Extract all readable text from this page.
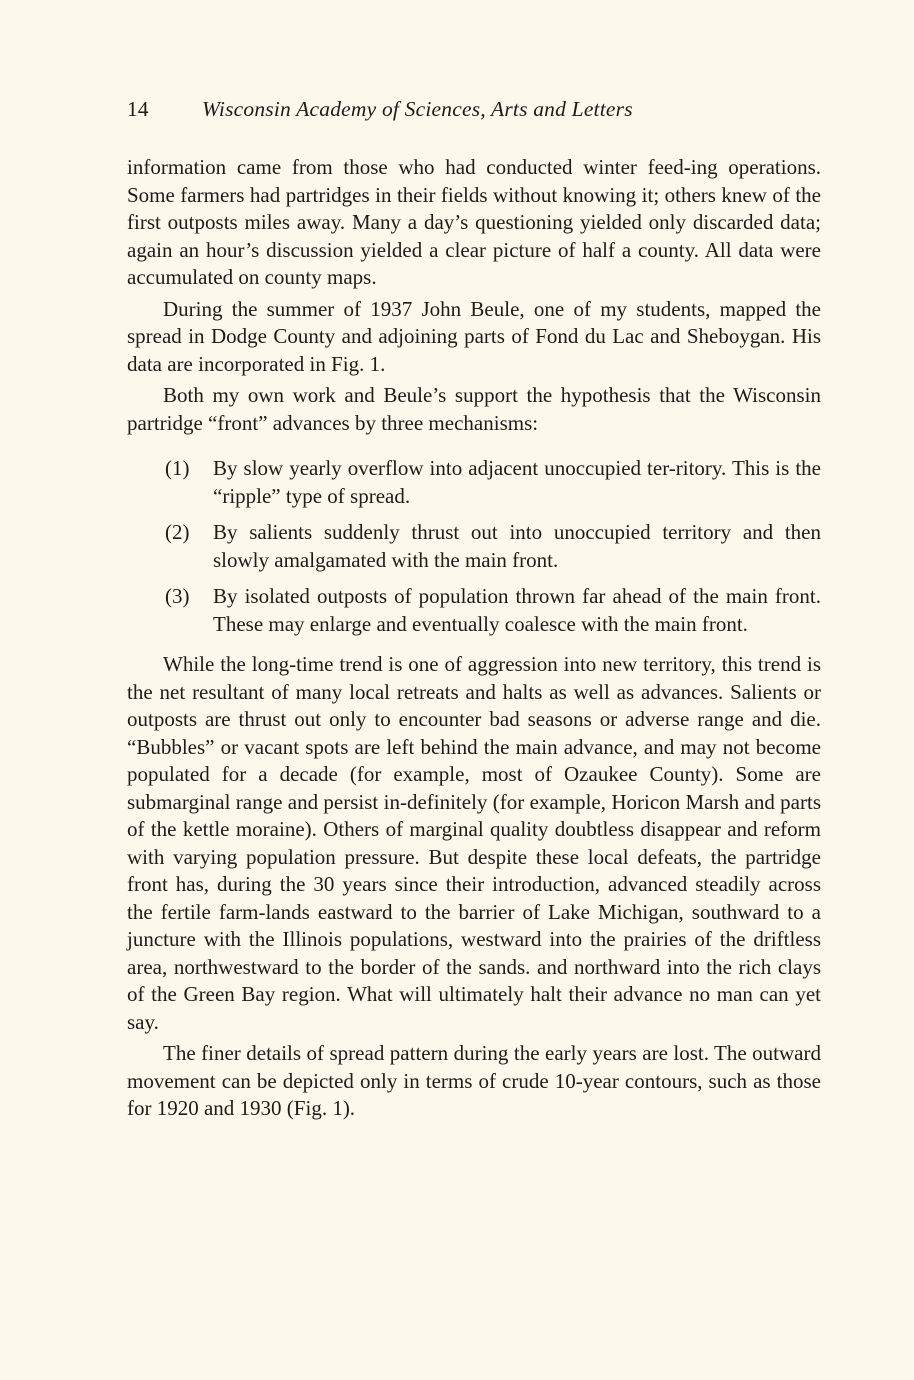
14 Wisconsin Academy of Sciences, Arts and Letters

information came from those who had conducted winter feed-ing operations. Some farmers had partridges in their fields without knowing it; others knew of the first outposts miles away. Many a day’s questioning yielded only discarded data; again an hour’s discussion yielded a clear picture of half a county. All data were accumulated on county maps.

During the summer of 1937 John Beule, one of my students, mapped the spread in Dodge County and adjoining parts of Fond du Lac and Sheboygan. His data are incorporated in Fig. 1.

Both my own work and Beule’s support the hypothesis that the Wisconsin partridge “front” advances by three mechanisms:

(1)	By slow yearly overflow into adjacent unoccupied ter-ritory. This is the “ripple” type of spread.
(2)	By salients suddenly thrust out into unoccupied territory and then slowly amalgamated with the main front.
(3)	By isolated outposts of population thrown far ahead of the main front. These may enlarge and eventually coalesce with the main front.

While the long-time trend is one of aggression into new territory, this trend is the net resultant of many local retreats and halts as well as advances. Salients or outposts are thrust out only to encounter bad seasons or adverse range and die. “Bubbles” or vacant spots are left behind the main advance, and may not become populated for a decade (for example, most of Ozaukee County). Some are submarginal range and persist in-definitely (for example, Horicon Marsh and parts of the kettle moraine). Others of marginal quality doubtless disappear and reform with varying population pressure. But despite these local defeats, the partridge front has, during the 30 years since their introduction, advanced steadily across the fertile farm-lands eastward to the barrier of Lake Michigan, southward to a juncture with the Illinois populations, westward into the prairies of the driftless area, northwestward to the border of the sands. and northward into the rich clays of the Green Bay region. What will ultimately halt their advance no man can yet say.

The finer details of spread pattern during the early years are lost. The outward movement can be depicted only in terms of crude 10-year contours, such as those for 1920 and 1930 (Fig. 1).
